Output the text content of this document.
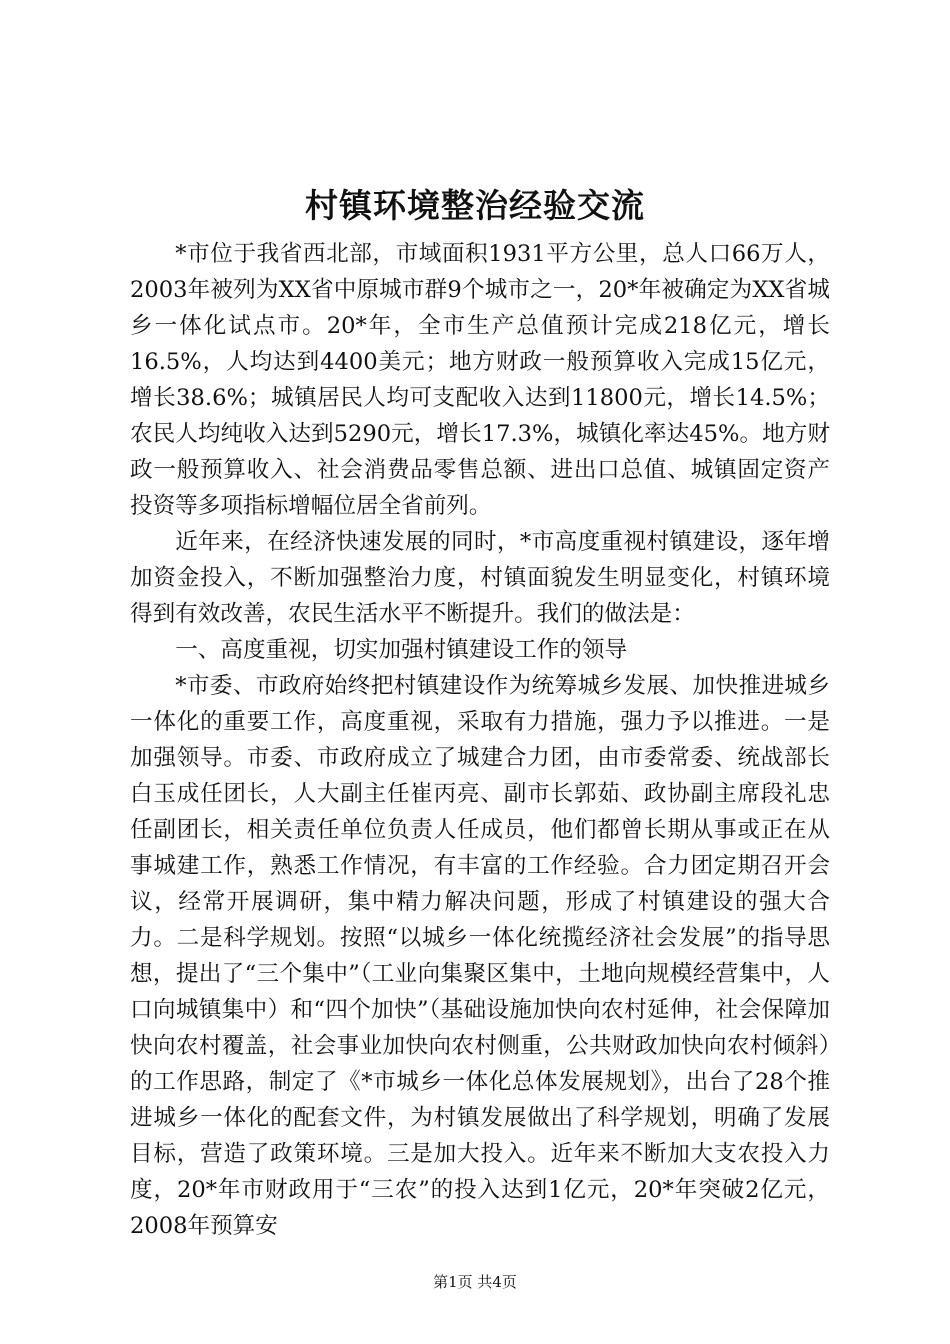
村镇环境整治经验交流

*市位于我省西北部，市域面积1931平方公里，总人口66万人，2003年被列为XX省中原城市群9个城市之一，20*年被确定为XX省城乡一体化试点市。20*年，全市生产总值预计完成218亿元，增长16.5%，人均达到4400美元；地方财政一般预算收入完成15亿元，增长38.6%；城镇居民人均可支配收入达到11800元，增长14.5%；农民人均纯收入达到5290元，增长17.3%，城镇化率达45%。地方财政一般预算收入、社会消费品零售总额、进出口总值、城镇固定资产投资等多项指标增幅位居全省前列。

近年来，在经济快速发展的同时，*市高度重视村镇建设，逐年增加资金投入，不断加强整治力度，村镇面貌发生明显变化，村镇环境得到有效改善，农民生活水平不断提升。我们的做法是：

一、高度重视，切实加强村镇建设工作的领导

*市委、市政府始终把村镇建设作为统筹城乡发展、加快推进城乡一体化的重要工作，高度重视，采取有力措施，强力予以推进。一是加强领导。市委、市政府成立了城建合力团，由市委常委、统战部长白玉成任团长，人大副主任崔丙亮、副市长郭茹、政协副主席段礼忠任副团长，相关责任单位负责人任成员，他们都曾长期从事或正在从事城建工作，熟悉工作情况，有丰富的工作经验。合力团定期召开会议，经常开展调研，集中精力解决问题，形成了村镇建设的强大合力。二是科学规划。按照“以城乡一体化统揽经济社会发展”的指导思想，提出了“三个集中”（工业向集聚区集中，土地向规模经营集中，人口向城镇集中）和“四个加快”（基础设施加快向农村延伸，社会保障加快向农村覆盖，社会事业加快向农村侧重，公共财政加快向农村倾斜）的工作思路，制定了《*市城乡一体化总体发展规划》，出台了28个推进城乡一体化的配套文件，为村镇发展做出了科学规划，明确了发展目标，营造了政策环境。三是加大投入。近年来不断加大支农投入力度，20*年市财政用于“三农”的投入达到1亿元，20*年突破2亿元，2008年预算安

第1页 共4页
